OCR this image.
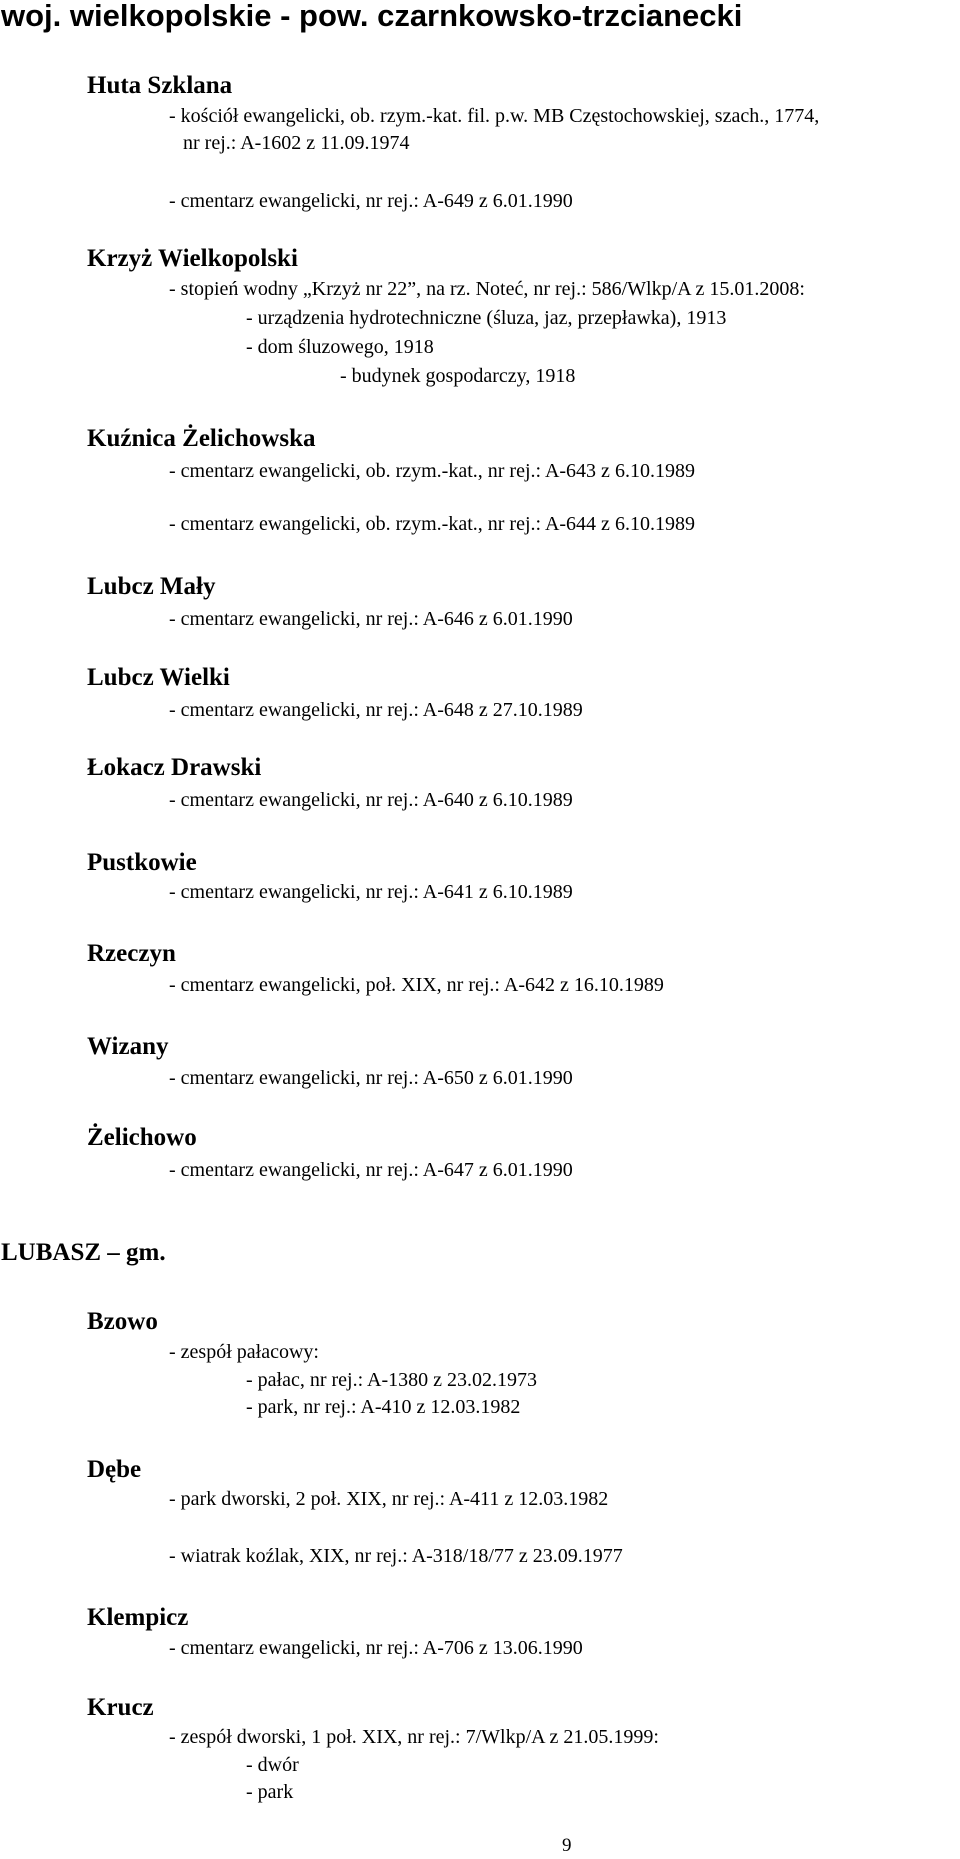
woj. wielkopolskie - pow. czarnkowsko-trzcianecki
Huta Szklana
- kościół ewangelicki, ob. rzym.-kat. fil. p.w. MB Częstochowskiej, szach., 1774,
nr rej.: A-1602 z 11.09.1974
- cmentarz ewangelicki, nr rej.: A-649 z 6.01.1990
Krzyż Wielkopolski
- stopień wodny „Krzyż nr 22”, na rz. Noteć, nr rej.: 586/Wlkp/A z 15.01.2008:
- urządzenia hydrotechniczne (śluza, jaz, przepławka), 1913
- dom śluzowego, 1918
- budynek gospodarczy, 1918
Kuźnica Żelichowska
- cmentarz ewangelicki, ob. rzym.-kat., nr rej.: A-643 z 6.10.1989
- cmentarz ewangelicki, ob. rzym.-kat., nr rej.: A-644 z 6.10.1989
Lubcz Mały
- cmentarz ewangelicki, nr rej.: A-646 z 6.01.1990
Lubcz Wielki
- cmentarz ewangelicki, nr rej.: A-648 z 27.10.1989
Łokacz Drawski
- cmentarz ewangelicki, nr rej.: A-640 z 6.10.1989
Pustkowie
- cmentarz ewangelicki, nr rej.: A-641 z 6.10.1989
Rzeczyn
- cmentarz ewangelicki, poł. XIX, nr rej.: A-642 z 16.10.1989
Wizany
- cmentarz ewangelicki, nr rej.: A-650 z 6.01.1990
Żelichowo
- cmentarz ewangelicki, nr rej.: A-647 z 6.01.1990
LUBASZ – gm.
Bzowo
- zespół pałacowy:
- pałac, nr rej.: A-1380 z 23.02.1973
- park, nr rej.: A-410 z 12.03.1982
Dębe
- park dworski, 2 poł. XIX, nr rej.: A-411 z 12.03.1982
- wiatrak koźlak, XIX, nr rej.: A-318/18/77 z 23.09.1977
Klempicz
- cmentarz ewangelicki, nr rej.: A-706 z 13.06.1990
Krucz
- zespół dworski, 1 poł. XIX, nr rej.: 7/Wlkp/A z 21.05.1999:
- dwór
- park
9
